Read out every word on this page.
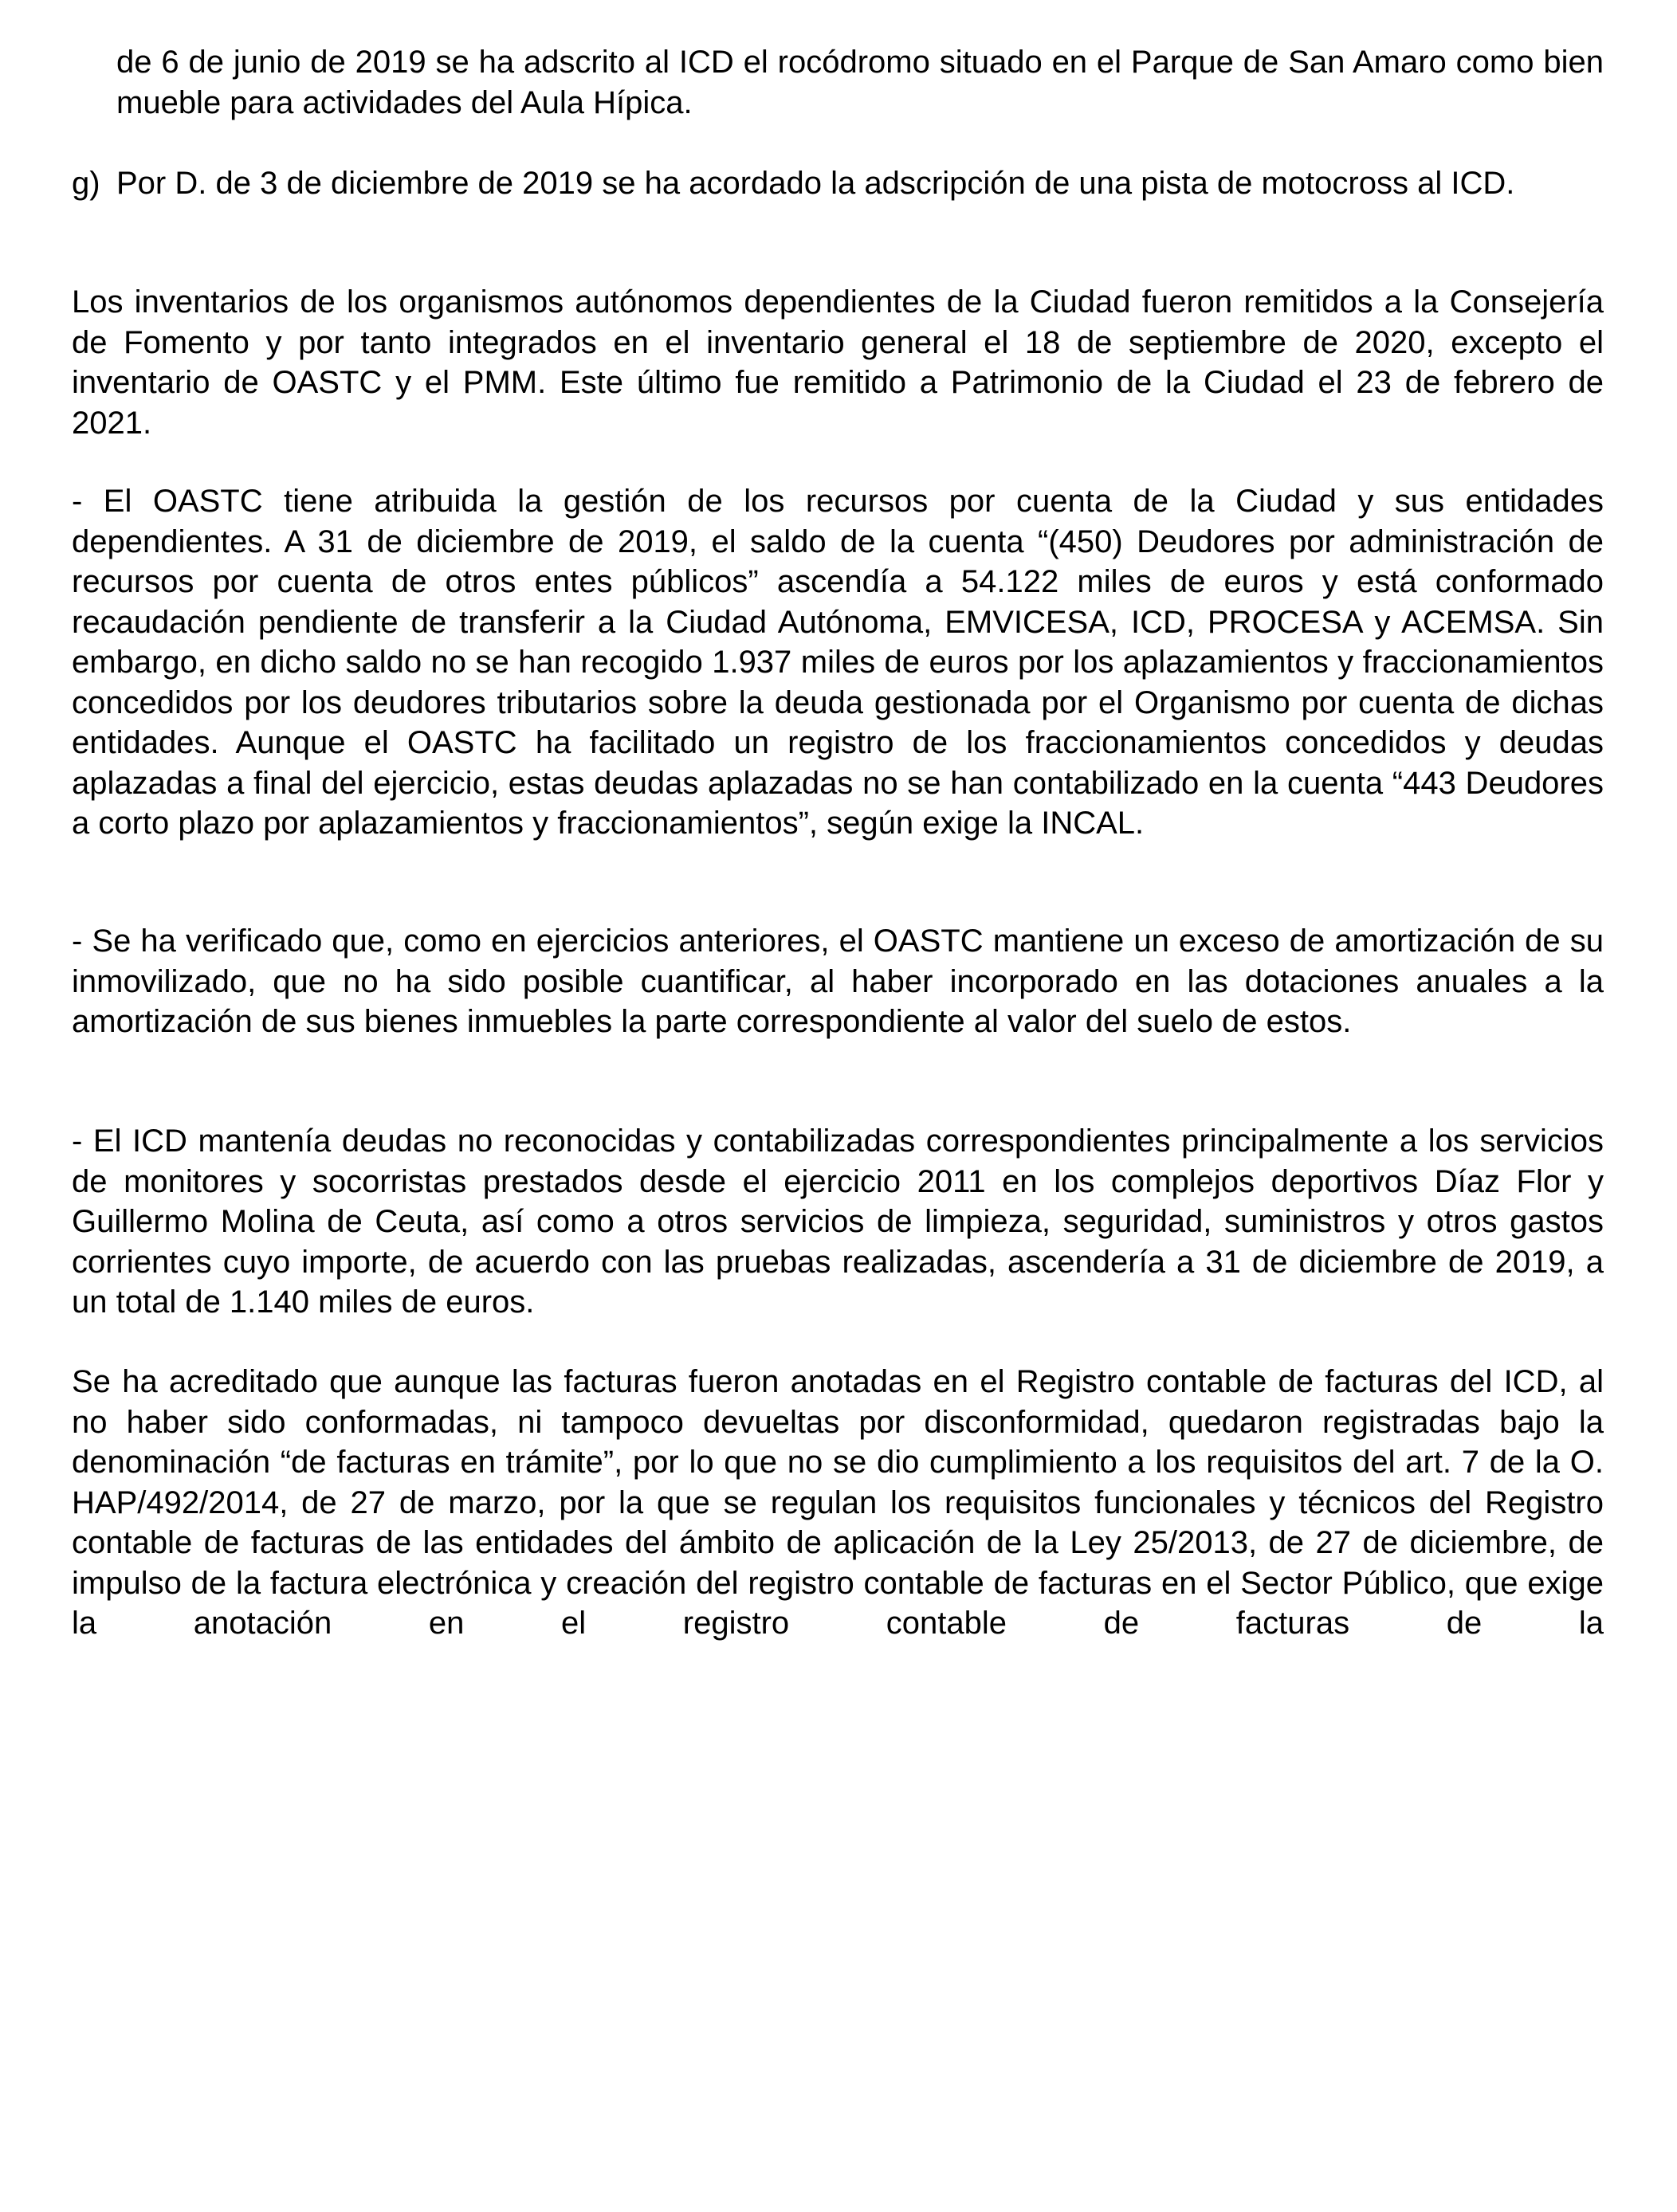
de 6 de junio de 2019 se ha adscrito al ICD el rocódromo situado en el Parque de San Amaro como bien mueble para actividades del Aula Hípica.

g) Por D. de 3 de diciembre de 2019 se ha acordado la adscripción de una pista de motocross al ICD.

Los inventarios de los organismos autónomos dependientes de la Ciudad fueron remitidos a la Consejería de Fomento y por tanto integrados en el inventario general el 18 de septiembre de 2020, excepto el inventario de OASTC y el PMM. Este último fue remitido a Patrimonio de la Ciudad el 23 de febrero de 2021.

- El OASTC tiene atribuida la gestión de los recursos por cuenta de la Ciudad y sus entidades dependientes. A 31 de diciembre de 2019, el saldo de la cuenta “(450) Deudores por administración de recursos por cuenta de otros entes públicos” ascendía a 54.122 miles de euros y está conformado recaudación pendiente de transferir a la Ciudad Autónoma, EMVICESA, ICD, PROCESA y ACEMSA. Sin embargo, en dicho saldo no se han recogido 1.937 miles de euros por los aplazamientos y fraccionamientos concedidos por los deudores tributarios sobre la deuda gestionada por el Organismo por cuenta de dichas entidades. Aunque el OASTC ha facilitado un registro de los fraccionamientos concedidos y deudas aplazadas a final del ejercicio, estas deudas aplazadas no se han contabilizado en la cuenta “443 Deudores a corto plazo por aplazamientos y fraccionamientos”, según exige la INCAL.

- Se ha verificado que, como en ejercicios anteriores, el OASTC mantiene un exceso de amortización de su inmovilizado, que no ha sido posible cuantificar, al haber incorporado en las dotaciones anuales a la amortización de sus bienes inmuebles la parte correspondiente al valor del suelo de estos.

- El ICD mantenía deudas no reconocidas y contabilizadas correspondientes principalmente a los servicios de monitores y socorristas prestados desde el ejercicio 2011 en los complejos deportivos Díaz Flor y Guillermo Molina de Ceuta, así como a otros servicios de limpieza, seguridad, suministros y otros gastos corrientes cuyo importe, de acuerdo con las pruebas realizadas, ascendería a 31 de diciembre de 2019, a un total de 1.140 miles de euros.

Se ha acreditado que aunque las facturas fueron anotadas en el Registro contable de facturas del ICD, al no haber sido conformadas, ni tampoco devueltas por disconformidad, quedaron registradas bajo la denominación “de facturas en trámite”, por lo que no se dio cumplimiento a los requisitos del art. 7 de la O. HAP/492/2014, de 27 de marzo, por la que se regulan los requisitos funcionales y técnicos del Registro contable de facturas de las entidades del ámbito de aplicación de la Ley 25/2013, de 27 de diciembre, de impulso de la factura electrónica y creación del registro contable de facturas en el Sector Público, que exige la anotación en el registro contable de facturas de la
